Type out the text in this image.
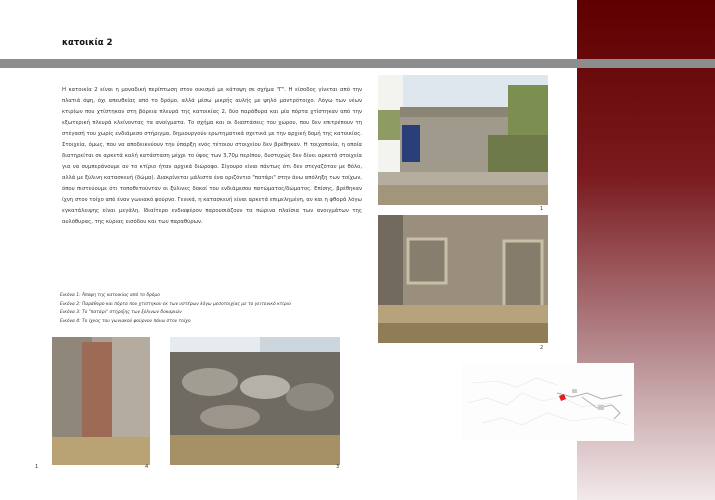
κατοικία 2

Η κατοικία 2 είναι η μοναδική περίπτωση στον οικισμό με κάτοψη σε σχήμα "Γ". Η είσοδος γίνεται από την πλατιά όψη, όχι απευθείας από το δρόμο, αλλά μέσω μικρής αυλής με ψηλό μαντρότοιχο. Λόγω των νέων κτιρίων που χτίστηκαν στη βόρεια πλευρά της κατοικίας 2, δύο παράθυρα και μία πόρτα χτίστηκαν από την εξωτερική πλευρά κλείνοντας τα ανοίγματα. Το σχήμα και οι διαστάσεις του χώρου, που δεν επιτρέπουν τη στέγασή του χωρίς ενδιάμεσο στήριγμα, δημιουργούν ερωτηματικά σχετικά με την αρχική δομή της κατοικίας. Στοιχεία, όμως, που να αποδεικνύουν την ύπαρξη ενός τέτοιου στοιχείου δεν βρέθηκαν. Η τοιχοποιία, η οποία διατηρείται σε αρκετά καλή κατάσταση μέχρι το ύψος των 3,70μ περίπου, δυστυχώς δεν δίνει αρκετά στοιχεία για να συμπεράνουμε αν το κτίριο ήταν αρχικά διώροφο. Σίγουρο είναι πάντως ότι δεν στεγαζόταν με θόλο, αλλά με ξύλινη κατασκευή (δώμα). Διακρίνεται μάλιστα ένα οριζόντιο "πατάρι" στην άνω απόληξη των τοίχων, όπου πιστεύουμε ότι τοποθετούνταν οι ξύλινες δοκοί του ενδιάμεσου πατώματος/δώματος. Επίσης, βρέθηκαν ίχνη στον τοίχο από έναν γωνιακό φούρνο. Γενικά, η κατασκευή είναι αρκετά επιμελημένη, αν και η φθορά λόγω εγκατάλειψης είναι μεγάλη. Ιδιαίτερο ενδιαφέρον παρουσιάζουν τα πώρινα πλαίσια των ανοιγμάτων της αυλόθυρας, της κύριας εισόδου και των παραθύρων.

Εικόνα 1: Άποψη της κατοικίας από το δρόμο
Εικόνα 2: Παράθυρο και πόρτα που χτίστηκαν εκ των υστέρων λόγω μεσοτοιχίας με το γειτονικό κτίριο
Εικόνα 3: Το "πατάρι" στήριξης των ξύλινων δοκαριών
Εικόνα 4: Το ίχνος του γωνιακού φούρνου πάνω στον τοίχο
1
2
4	3
1
